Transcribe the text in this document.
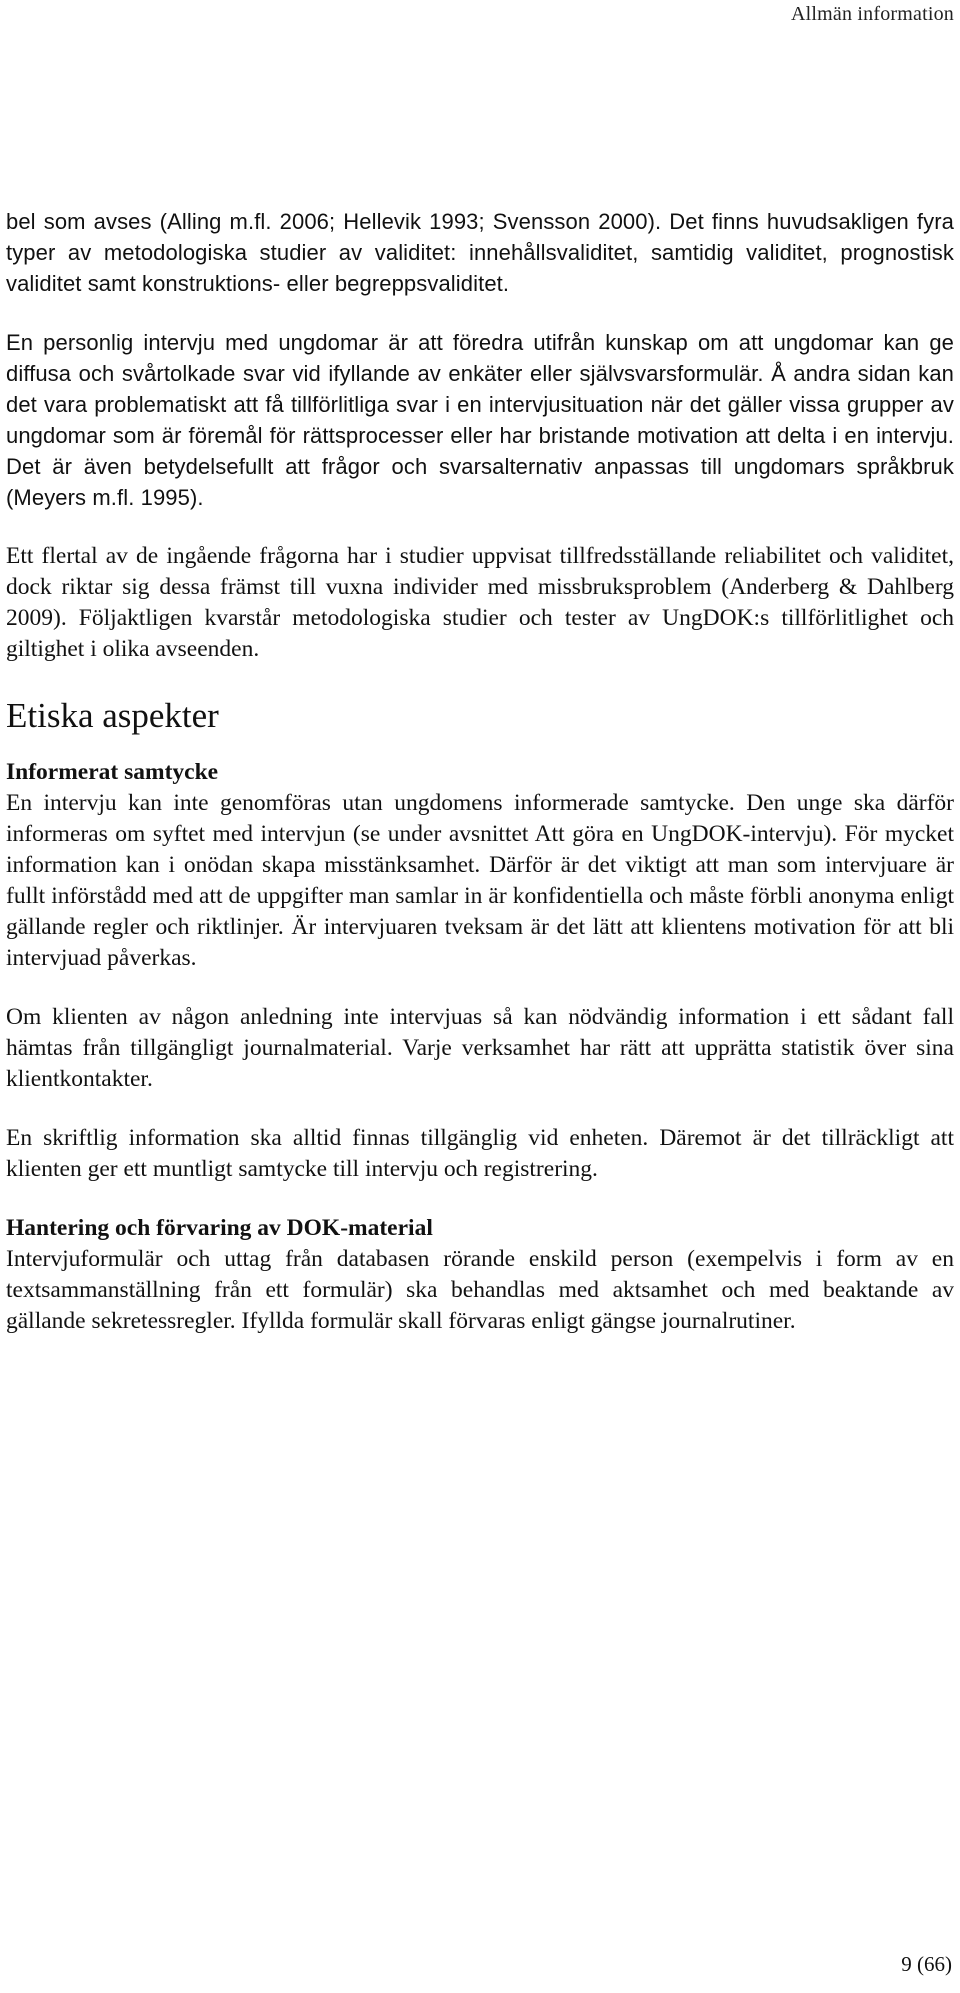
Allmän information

bel som avses (Alling m.fl. 2006; Hellevik 1993; Svensson 2000). Det finns huvudsakligen fyra typer av metodologiska studier av validitet: innehållsvaliditet, samtidig validitet, prognostisk validitet samt konstruktions- eller begreppsvaliditet.

En personlig intervju med ungdomar är att föredra utifrån kunskap om att ungdomar kan ge diffusa och svårtolkade svar vid ifyllande av enkäter eller självsvarsformulär. Å andra sidan kan det vara problematiskt att få tillförlitliga svar i en intervjusituation när det gäller vissa grupper av ungdomar som är föremål för rättsprocesser eller har bristande motivation att delta i en intervju. Det är även betydelsefullt att frågor och svarsalternativ anpassas till ungdomars språkbruk (Meyers m.fl. 1995).

Ett flertal av de ingående frågorna har i studier uppvisat tillfredsställande reliabilitet och validitet, dock riktar sig dessa främst till vuxna individer med missbruksproblem (Anderberg & Dahlberg 2009). Följaktligen kvarstår metodologiska studier och tester av UngDOK:s tillförlitlighet och giltighet i olika avseenden.

Etiska aspekter
Informerat samtycke

En intervju kan inte genomföras utan ungdomens informerade samtycke. Den unge ska därför informeras om syftet med intervjun (se under avsnittet Att göra en UngDOK-intervju). För mycket information kan i onödan skapa misstänksamhet. Därför är det viktigt att man som intervjuare är fullt införstådd med att de uppgifter man samlar in är konfidentiella och måste förbli anonyma enligt gällande regler och riktlinjer. Är intervjuaren tveksam är det lätt att klientens motivation för att bli intervjuad påverkas.

Om klienten av någon anledning inte intervjuas så kan nödvändig information i ett sådant fall hämtas från tillgängligt journalmaterial. Varje verksamhet har rätt att upprätta statistik över sina klientkontakter.

En skriftlig information ska alltid finnas tillgänglig vid enheten. Däremot är det tillräckligt att klienten ger ett muntligt samtycke till intervju och registrering.

Hantering och förvaring av DOK-material

Intervjuformulär och uttag från databasen rörande enskild person (exempelvis i form av en textsammanställning från ett formulär) ska behandlas med aktsamhet och med beaktande av gällande sekretessregler. Ifyllda formulär skall förvaras enligt gängse journalrutiner.

9 (66)
